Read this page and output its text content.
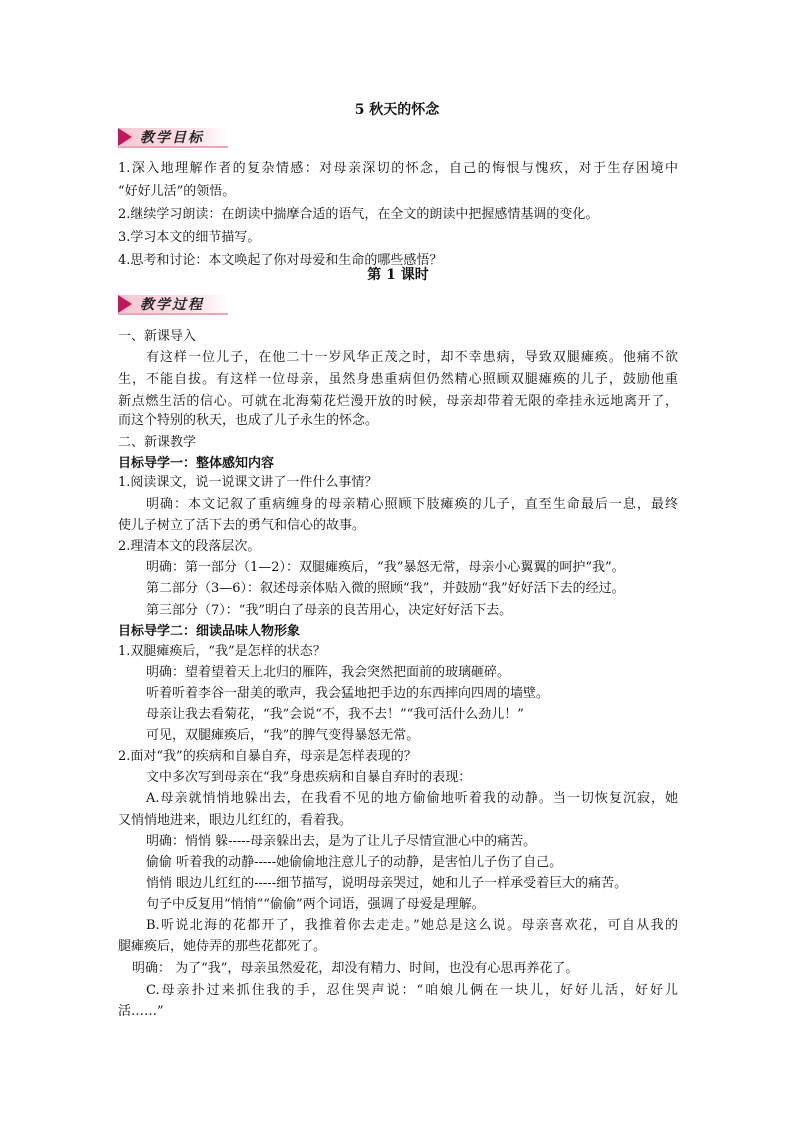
5 秋天的怀念
教学目标
1.深入地理解作者的复杂情感：对母亲深切的怀念，自己的悔恨与愧疚，对于生存困境中
“好好儿活”的领悟。
2.继续学习朗读：在朗读中揣摩合适的语气，在全文的朗读中把握感情基调的变化。
3.学习本文的细节描写。
4.思考和讨论：本文唤起了你对母爱和生命的哪些感悟？
第 1 课时
教学过程
一、新课导入
有这样一位儿子，在他二十一岁风华正茂之时，却不幸患病，导致双腿瘫痪。他痛不欲
生，不能自拔。有这样一位母亲，虽然身患重病但仍然精心照顾双腿瘫痪的儿子，鼓励他重
新点燃生活的信心。可就在北海菊花烂漫开放的时候，母亲却带着无限的牵挂永远地离开了，
而这个特别的秋天，也成了儿子永生的怀念。
二、新课教学
目标导学一：整体感知内容
1.阅读课文，说一说课文讲了一件什么事情？
明确：本文记叙了重病缠身的母亲精心照顾下肢瘫痪的儿子，直至生命最后一息，最终
使儿子树立了活下去的勇气和信心的故事。
2.理清本文的段落层次。
明确：第一部分（1—2）：双腿瘫痪后，“我”暴怒无常，母亲小心翼翼的呵护“我”。
第二部分（3—6）：叙述母亲体贴入微的照顾“我”，并鼓励“我”好好活下去的经过。
第三部分（7）：“我”明白了母亲的良苦用心，决定好好活下去。
目标导学二：细读品味人物形象
1.双腿瘫痪后，“我”是怎样的状态？
明确：望着望着天上北归的雁阵，我会突然把面前的玻璃砸碎。
听着听着李谷一甜美的歌声，我会猛地把手边的东西摔向四周的墙壁。
母亲让我去看菊花，“我”会说“不，我不去！”“我可活什么劲儿！”
可见，双腿瘫痪后，“我”的脾气变得暴怒无常。
2.面对“我”的疾病和自暴自弃，母亲是怎样表现的？
文中多次写到母亲在“我”身患疾病和自暴自弃时的表现：
A.母亲就悄悄地躲出去，在我看不见的地方偷偷地听着我的动静。当一切恢复沉寂，她
又悄悄地进来，眼边儿红红的，看着我。
明确：悄悄 躲-----母亲躲出去，是为了让儿子尽情宣泄心中的痛苦。
偷偷 听着我的动静-----她偷偷地注意儿子的动静，是害怕儿子伤了自己。
悄悄 眼边儿红红的-----细节描写，说明母亲哭过，她和儿子一样承受着巨大的痛苦。
句子中反复用“悄悄”“偷偷”两个词语，强调了母爱是理解。
B.听说北海的花都开了，我推着你去走走。”她总是这么说。母亲喜欢花，可自从我的
腿瘫痪后，她侍弄的那些花都死了。
明确： 为了“我”，母亲虽然爱花，却没有精力、时间，也没有心思再养花了。
C.母亲扑过来抓住我的手，忍住哭声说：“咱娘儿俩在一块儿，好好儿活，好好儿
活……”
